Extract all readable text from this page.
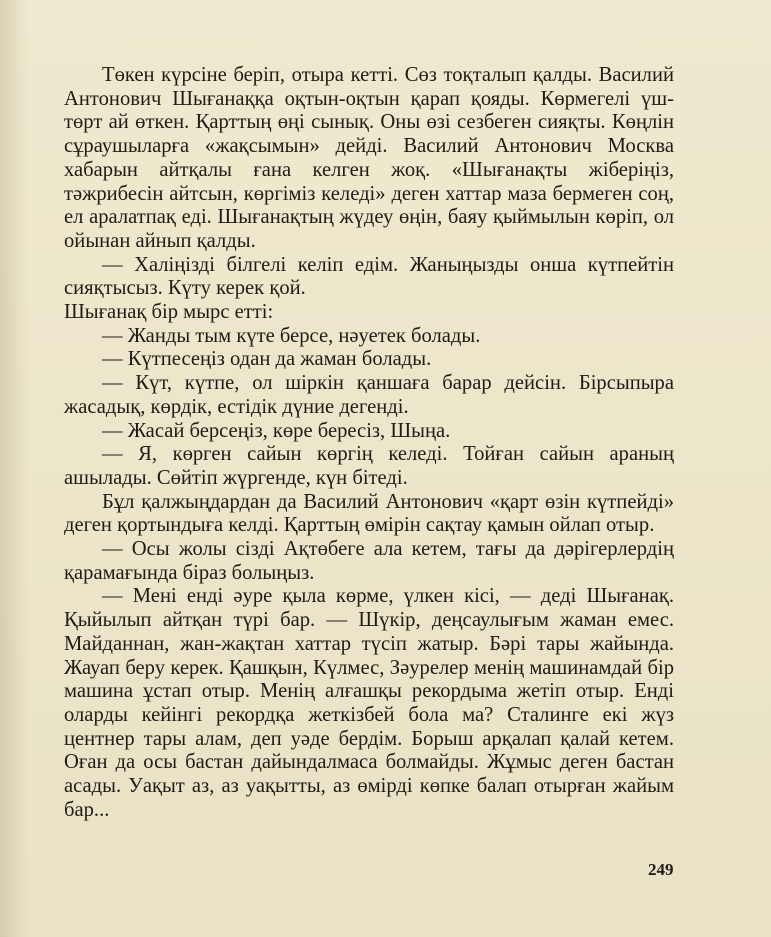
Төкен күрсіне беріп, отыра кетті. Сөз тоқталып қалды. Василий Антонович Шығанаққа оқтын-оқтын қарап қояды. Көрмегелі үш-төрт ай өткен. Қарттың өңі сынық. Оны өзі сезбеген сияқты. Көңлін сұраушыларға «жақсымын» дейді. Василий Антонович Москва хабарын айтқалы ғана келген жоқ. «Шығанақты жіберіңіз, тәжрибесін айтсын, көргіміз келеді» деген хаттар маза бермеген соң, ел аралатпақ еді. Шығанақтың жүдеу өңін, баяу қыймылын көріп, ол ойынан айнып қалды.

— Халіңізді білгелі келіп едім. Жаныңызды онша күтпейтін сияқтысыз. Күту керек қой.

Шығанақ бір мырс етті:

— Жанды тым күте берсе, нәуетек болады.

— Күтпесеңіз одан да жаман болады.

— Күт, күтпе, ол шіркін қаншаға барар дейсін. Бірсыпыра жасадық, көрдік, естідік дүние дегенді.

— Жасай берсеңіз, көре бересіз, Шыңа.

— Я, көрген сайын көргің келеді. Тойған сайын араның ашылады. Сөйтіп жүргенде, күн бітеді.

Бұл қалжыңдардан да Василий Антонович «қарт өзін күтпейді» деген қортындыға келді. Қарттың өмірін сақтау қамын ойлап отыр.

— Осы жолы сізді Ақтөбеге ала кетем, тағы да дәрігерлердің қарамағында біраз болыңыз.

— Мені енді әуре қыла көрме, үлкен кісі, — деді Шығанақ. Қыйылып айтқан түрі бар. — Шүкір, деңсаулығым жаман емес. Майданнан, жан-жақтан хаттар түсіп жатыр. Бәрі тары жайында. Жауап беру керек. Қашқын, Күлмес, Зәурелер менің машинамдай бір машина ұстап отыр. Менің алғашқы рекордыма жетіп отыр. Енді оларды кейінгі рекордқа жеткізбей бола ма? Сталинге екі жүз центнер тары алам, деп уәде бердім. Борыш арқалап қалай кетем. Оған да осы бастан дайындалмаса болмайды. Жұмыс деген бастан асады. Уақыт аз, аз уақытты, аз өмірді көпке балап отырған жайым бар...

249
